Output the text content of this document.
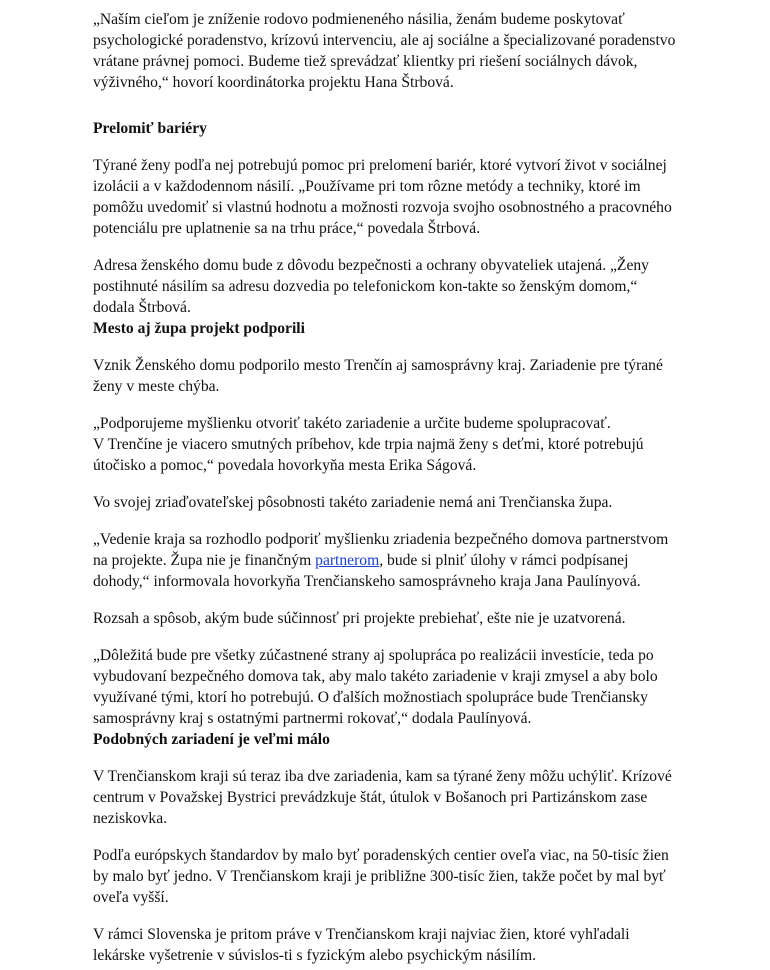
„Naším cieľom je zníženie rodovo podmieneného násilia, ženám budeme poskytovať
psychologické poradenstvo, krízovú intervenciu, ale aj sociálne a špecializované poradenstvo
vrátane právnej pomoci. Budeme tiež sprevádzať klientky pri riešení sociálnych dávok,
výživného,“ hovorí koordinátorka projektu Hana Štrbová.
Prelomiť bariéry
Týrané ženy podľa nej potrebujú pomoc pri prelomení bariér, ktoré vytvorí život v sociálnej
izolácii a v každodennom násilí. „Používame pri tom rôzne metódy a techniky, ktoré im
pomôžu uvedomiť si vlastnú hodnotu a možnosti rozvoja svojho osobnostného a pracovného
potenciálu pre uplatnenie sa na trhu práce,“ povedala Štrbová.
Adresa ženského domu bude z dôvodu bezpečnosti a ochrany obyvateliek utajená. „Ženy
postihnuté násilím sa adresu dozvedia po telefonickom kon-takte so ženským domom,“
dodala Štrbová.
Mesto aj župa projekt podporili
Vznik Ženského domu podporilo mesto Trenčín aj samosprávny kraj. Zariadenie pre týrané
ženy v meste chýba.
„Podporujeme myšlienku otvoriť takéto zariadenie a určite budeme spolupracovať.
V Trenčíne je viacero smutných príbehov, kde trpia najmä ženy s deťmi, ktoré potrebujú
útočisko a pomoc,“ povedala hovorkyňa mesta Erika Ságová.
Vo svojej zriaďovateľskej pôsobnosti takéto zariadenie nemá ani Trenčianska župa.
„Vedenie kraja sa rozhodlo podporiť myšlienku zriadenia bezpečného domova partnerstvom
na projekte. Župa nie je finančným partnerom, bude si plniť úlohy v rámci podpísanej
dohody,“ informovala hovorkyňa Trenčianskeho samosprávneho kraja Jana Paulínyová.
Rozsah a spôsob, akým bude súčinnosť pri projekte prebiehať, ešte nie je uzatvorená.
„Dôležitá bude pre všetky zúčastnené strany aj spolupráca po realizácii investície, teda po
vybudovaní bezpečného domova tak, aby malo takéto zariadenie v kraji zmysel a aby bolo
využívané tými, ktorí ho potrebujú. O ďalších možnostiach spolupráce bude Trenčiansky
samosprávny kraj s ostatnými partnermi rokovať,“ dodala Paulínyová.
Podobných zariadení je veľmi málo
V Trenčianskom kraji sú teraz iba dve zariadenia, kam sa týrané ženy môžu uchýliť. Krízové
centrum v Považskej Bystrici prevádzkuje štát, útulok v Bošanoch pri Partizánskom zase
neziskovka.
Podľa európskych štandardov by malo byť poradenských centier oveľa viac, na 50-tisíc žien
by malo byť jedno. V Trenčianskom kraji je približne 300-tisíc žien, takže počet by mal byť
oveľa vyšší.
V rámci Slovenska je pritom práve v Trenčianskom kraji najviac žien, ktoré vyhľadali
lekárske vyšetrenie v súvislos-ti s fyzickým alebo psychickým násilím.
